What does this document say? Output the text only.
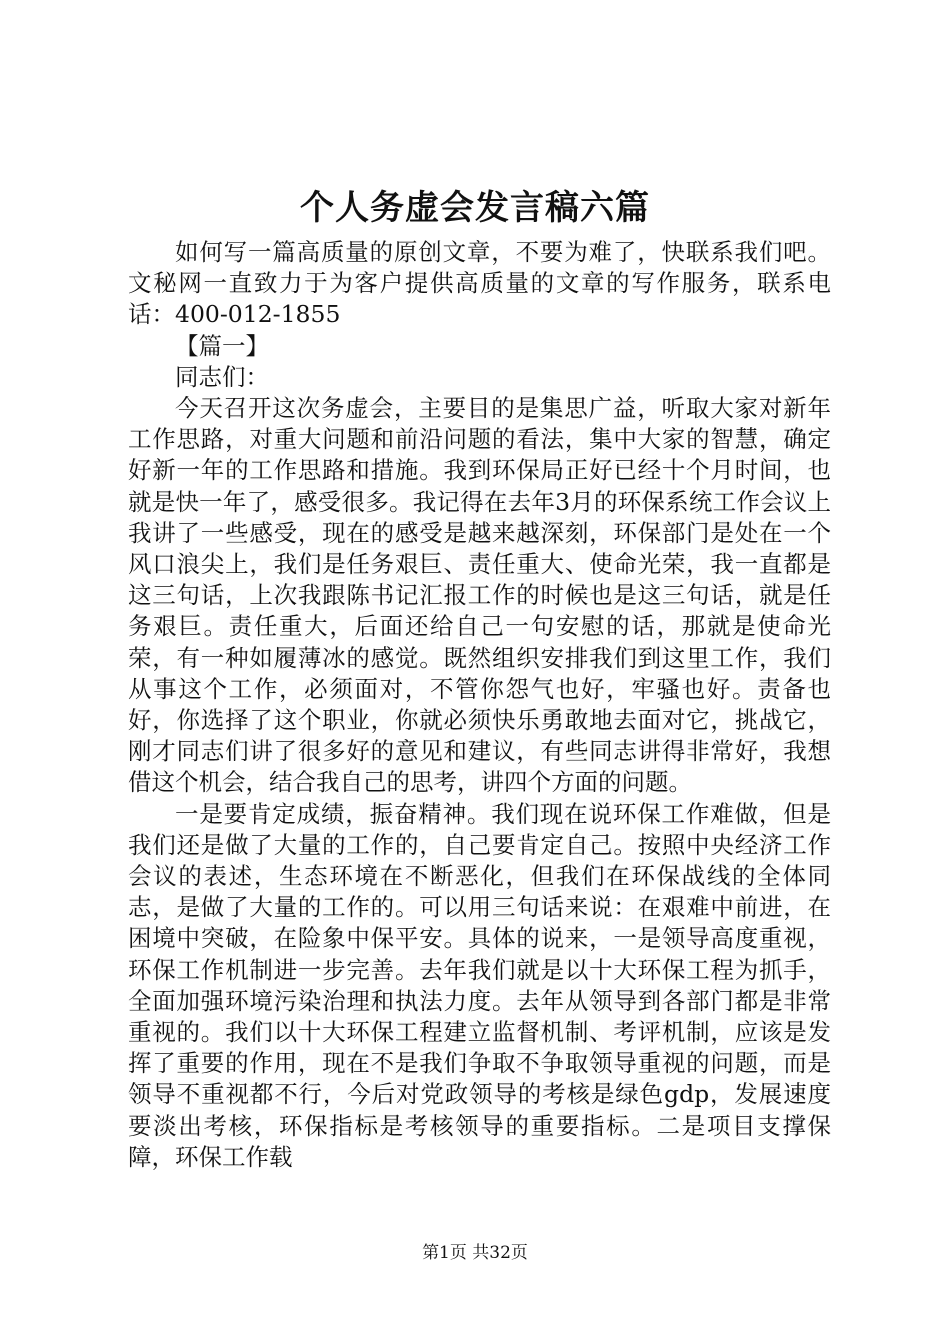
个人务虚会发言稿六篇

如何写一篇高质量的原创文章，不要为难了，快联系我们吧。文秘网一直致力于为客户提供高质量的文章的写作服务，联系电话：400-012-1855

【篇一】

同志们：

今天召开这次务虚会，主要目的是集思广益，听取大家对新年工作思路，对重大问题和前沿问题的看法，集中大家的智慧，确定好新一年的工作思路和措施。我到环保局正好已经十个月时间，也就是快一年了，感受很多。我记得在去年3月的环保系统工作会议上我讲了一些感受，现在的感受是越来越深刻，环保部门是处在一个风口浪尖上，我们是任务艰巨、责任重大、使命光荣，我一直都是这三句话，上次我跟陈书记汇报工作的时候也是这三句话，就是任务艰巨。责任重大，后面还给自己一句安慰的话，那就是使命光荣，有一种如履薄冰的感觉。既然组织安排我们到这里工作，我们从事这个工作，必须面对，不管你怨气也好，牢骚也好。责备也好，你选择了这个职业，你就必须快乐勇敢地去面对它，挑战它，刚才同志们讲了很多好的意见和建议，有些同志讲得非常好，我想借这个机会，结合我自己的思考，讲四个方面的问题。

一是要肯定成绩，振奋精神。我们现在说环保工作难做，但是我们还是做了大量的工作的，自己要肯定自己。按照中央经济工作会议的表述，生态环境在不断恶化，但我们在环保战线的全体同志，是做了大量的工作的。可以用三句话来说：在艰难中前进，在困境中突破，在险象中保平安。具体的说来，一是领导高度重视，环保工作机制进一步完善。去年我们就是以十大环保工程为抓手，全面加强环境污染治理和执法力度。去年从领导到各部门都是非常重视的。我们以十大环保工程建立监督机制、考评机制，应该是发挥了重要的作用，现在不是我们争取不争取领导重视的问题，而是领导不重视都不行，今后对党政领导的考核是绿色gdp，发展速度要淡出考核，环保指标是考核领导的重要指标。二是项目支撑保障，环保工作载

第1页 共32页
